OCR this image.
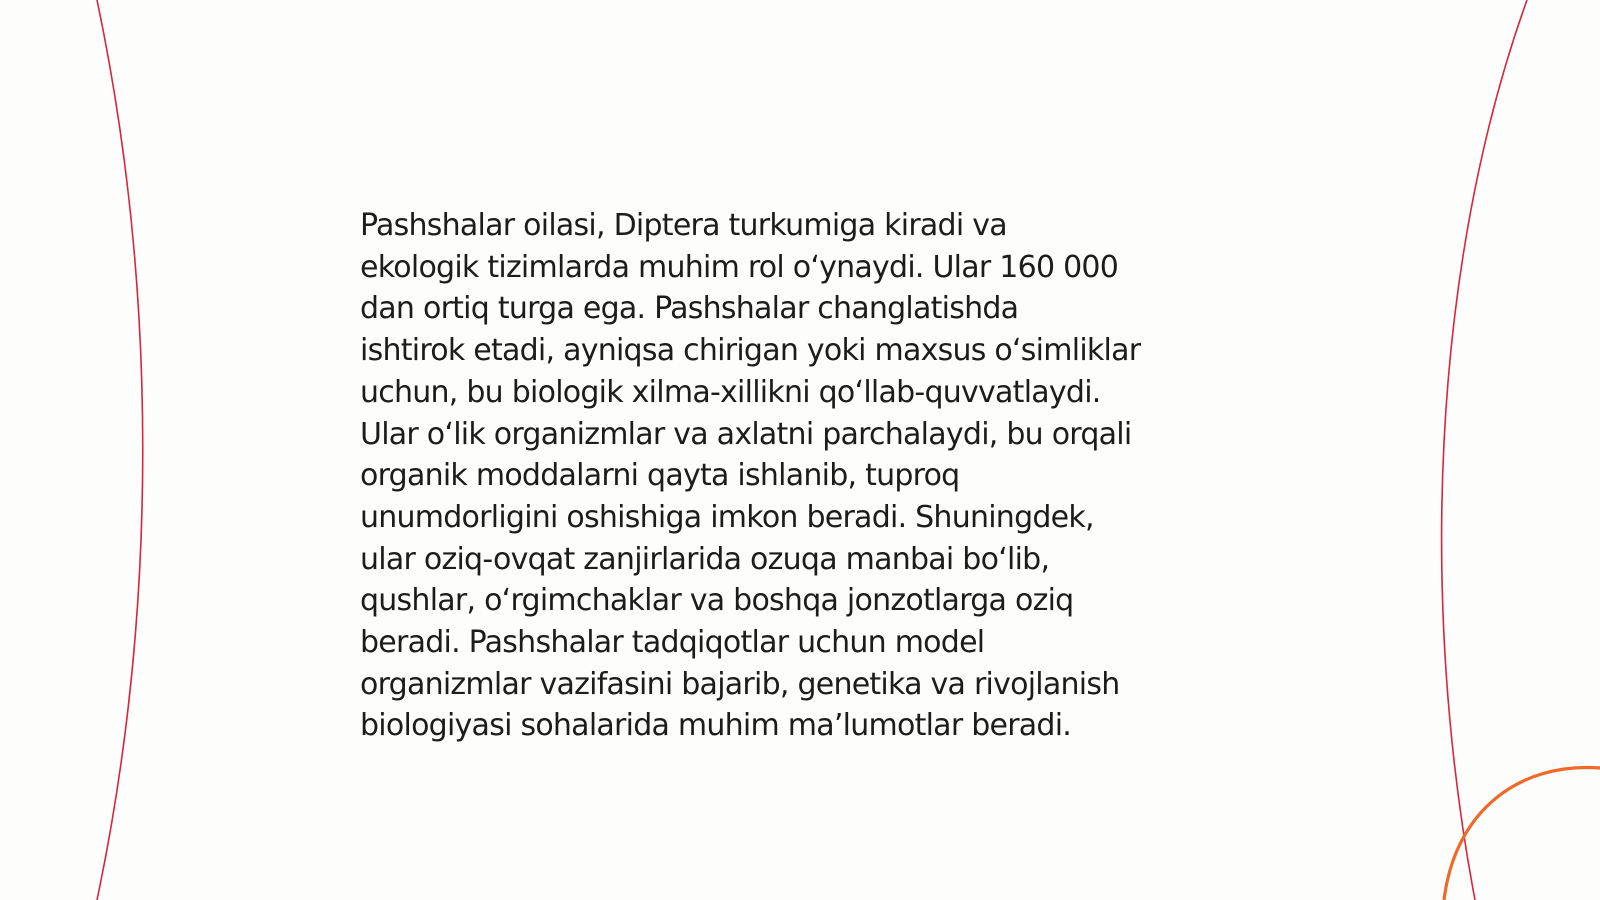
Pashshalar oilasi, Diptera turkumiga kiradi va
ekologik tizimlarda muhim rol o‘ynaydi. Ular 160 000
dan ortiq turga ega. Pashshalar changlatishda
ishtirok etadi, ayniqsa chirigan yoki maxsus o‘simliklar
uchun, bu biologik xilma-xillikni qo‘llab-quvvatlaydi.
Ular o‘lik organizmlar va axlatni parchalaydi, bu orqali
organik moddalarni qayta ishlanib, tuproq
unumdorligini oshishiga imkon beradi. Shuningdek,
ular oziq-ovqat zanjirlarida ozuqa manbai bo‘lib,
qushlar, o‘rgimchaklar va boshqa jonzotlarga oziq
beradi. Pashshalar tadqiqotlar uchun model
organizmlar vazifasini bajarib, genetika va rivojlanish
biologiyasi sohalarida muhim ma’lumotlar beradi.
